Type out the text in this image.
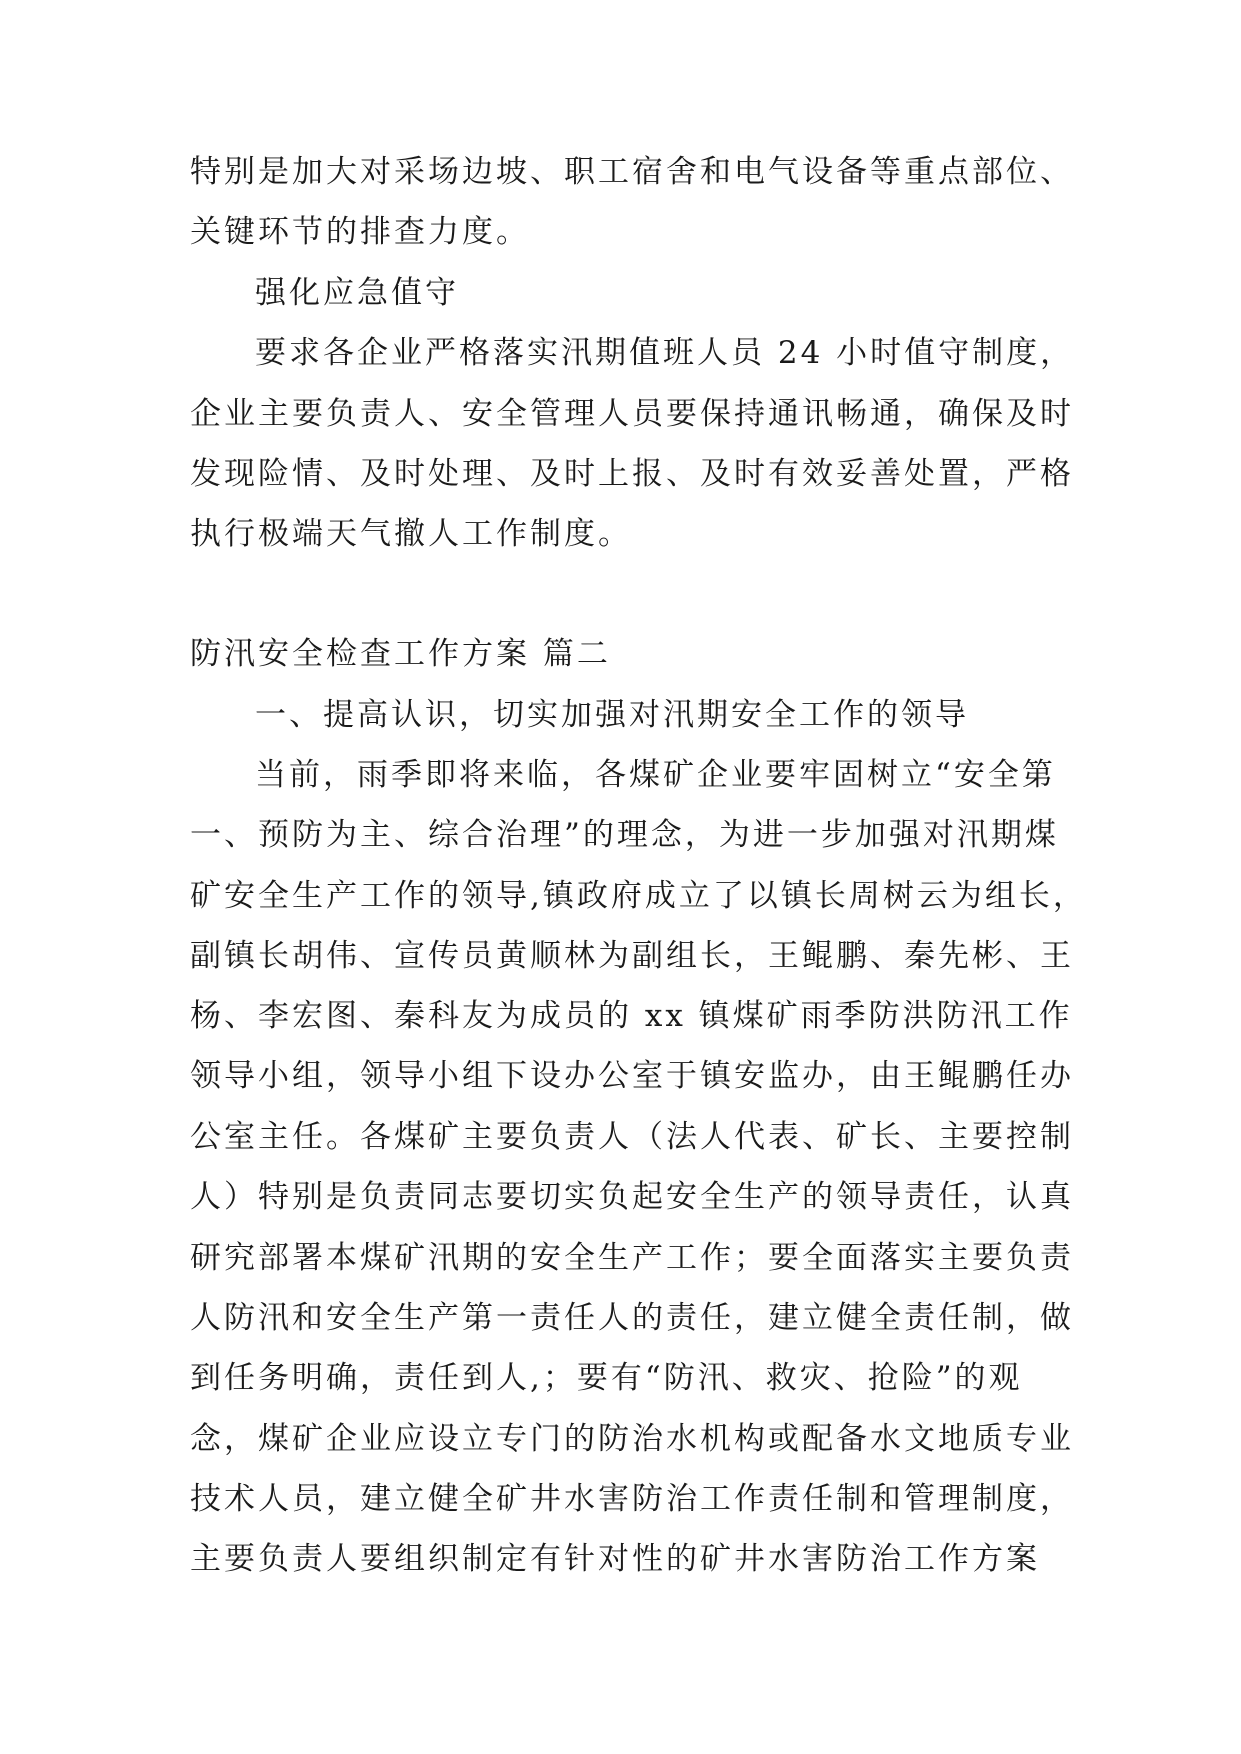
特别是加大对采场边坡、职工宿舍和电气设备等重点部位、
关键环节的排查力度。
强化应急值守
要求各企业严格落实汛期值班人员 24 小时值守制度，
企业主要负责人、安全管理人员要保持通讯畅通，确保及时
发现险情、及时处理、及时上报、及时有效妥善处置，严格
执行极端天气撤人工作制度。
防汛安全检查工作方案 篇二
一、提高认识，切实加强对汛期安全工作的领导
当前，雨季即将来临，各煤矿企业要牢固树立“安全第
一、预防为主、综合治理”的理念，为进一步加强对汛期煤
矿安全生产工作的领导,镇政府成立了以镇长周树云为组长，
副镇长胡伟、宣传员黄顺林为副组长，王鲲鹏、秦先彬、王
杨、李宏图、秦科友为成员的 xx 镇煤矿雨季防洪防汛工作
领导小组，领导小组下设办公室于镇安监办，由王鲲鹏任办
公室主任。各煤矿主要负责人（法人代表、矿长、主要控制
人）特别是负责同志要切实负起安全生产的领导责任，认真
研究部署本煤矿汛期的安全生产工作；要全面落实主要负责
人防汛和安全生产第一责任人的责任，建立健全责任制，做
到任务明确，责任到人,；要有“防汛、救灾、抢险”的观
念，煤矿企业应设立专门的防治水机构或配备水文地质专业
技术人员，建立健全矿井水害防治工作责任制和管理制度，
主要负责人要组织制定有针对性的矿井水害防治工作方案
